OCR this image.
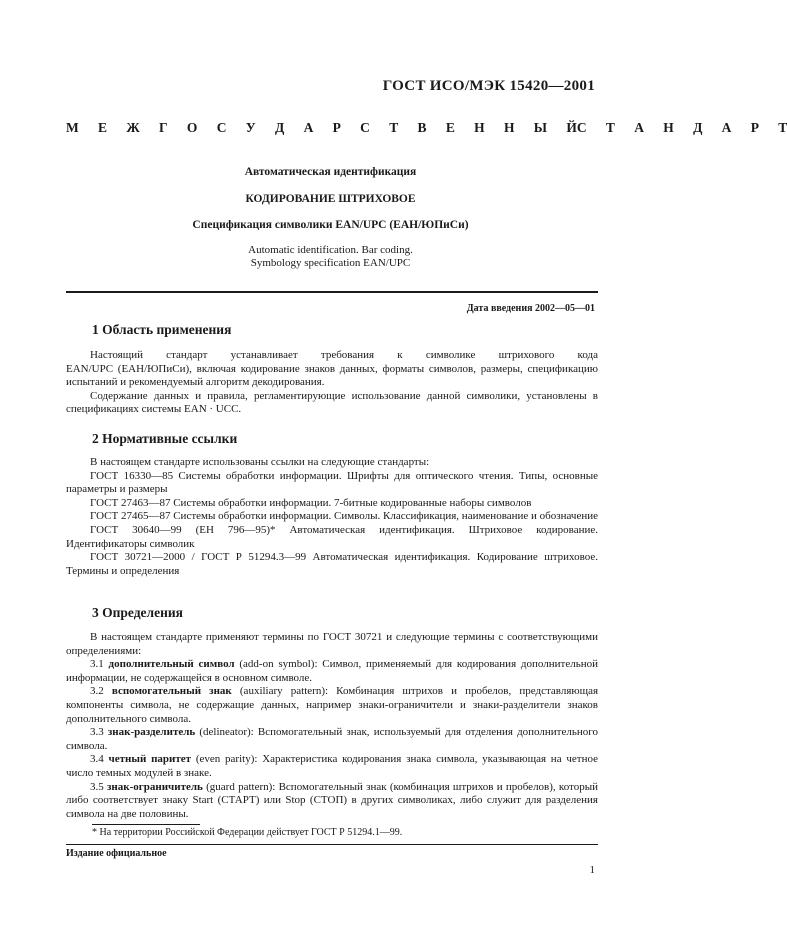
ГОСТ ИСО/МЭК 15420—2001
М Е Ж Г О С У Д А Р С Т В Е Н Н Ы Й С Т А Н Д А Р Т
Автоматическая идентификация
КОДИРОВАНИЕ ШТРИХОВОЕ
Спецификация символики EAN/UPC (ЕАН/ЮПиСи)
Automatic identification. Bar coding.
Symbology specification EAN/UPC
Дата введения 2002—05—01
1 Область применения

Настоящий стандарт устанавливает требования к символике штрихового кода

EAN/UPC (ЕАН/ЮПиСи), включая кодирование знаков данных, форматы символов, размеры, спецификацию испытаний и рекомендуемый алгоритм декодирования.

Содержание данных и правила, регламентирующие использование данной символики, установлены в спецификациях системы EAN · UCC.

2 Нормативные ссылки

В настоящем стандарте использованы ссылки на следующие стандарты:

ГОСТ 16330—85 Системы обработки информации. Шрифты для оптического чтения. Типы, основные параметры и размеры

ГОСТ 27463—87 Системы обработки информации. 7-битные кодированные наборы символов

ГОСТ 27465—87 Системы обработки информации. Символы. Классификация, наименование и обозначение

ГОСТ 30640—99 (ЕН 796—95)* Автоматическая идентификация. Штриховое кодирование. Идентификаторы символик

ГОСТ 30721—2000 / ГОСТ Р 51294.3—99 Автоматическая идентификация. Кодирование штриховое. Термины и определения

3 Определения

В настоящем стандарте применяют термины по ГОСТ 30721 и следующие термины с соответствующими определениями:

3.1 дополнительный символ (add-on symbol): Символ, применяемый для кодирования дополнительной информации, не содержащейся в основном символе.

3.2 вспомогательный знак (auxiliary pattern): Комбинация штрихов и пробелов, представляющая компоненты символа, не содержащие данных, например знаки-ограничители и знаки-разделители знаков дополнительного символа.

3.3 знак-разделитель (delineator): Вспомогательный знак, используемый для отделения дополнительного символа.

3.4 четный паритет (even parity): Характеристика кодирования знака символа, указывающая на четное число темных модулей в знаке.

3.5 знак-ограничитель (guard pattern): Вспомогательный знак (комбинация штрихов и пробелов), который либо соответствует знаку Start (СТАРТ) или Stop (СТОП) в других символиках, либо служит для разделения символа на две половины.

* На территории Российской Федерации действует ГОСТ Р 51294.1—99.
Издание официальное
1
